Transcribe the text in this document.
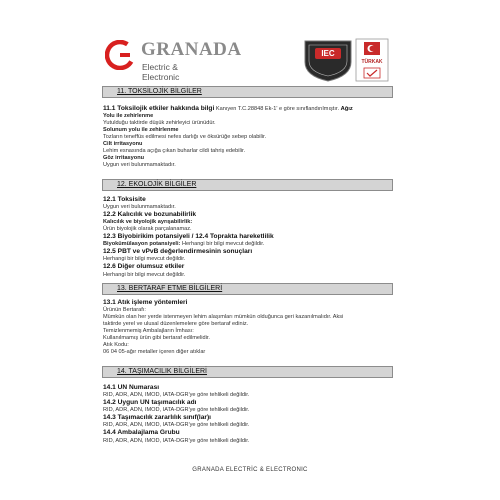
GRANADA
Electric & Electronic
IEC
TÜRKAK
11. TOKSİLOJİK BİLGİLER
11.1 Toksilojik etkiler hakkında bilgi Kanıyen T.C.28848 Ek-1' e göre sınıflandırılmıştır. Ağız
Yolu ile zehirlenme
Yutulduğu taktirde düşük zehirleyici ürünüdür.
Solunum yolu ile zehirlenme
Tozların teneffüs edilmesi nefes darlığı ve öksürüğe sebep olabilir.
Cilt irritasyonu
Lehim esnasında açığa çıkan buharlar cildi tahriş edebilir.
Göz irritasyonu
Uygun veri bulunmamaktadır.
12. EKOLOJİK BİLGİLER
12.1 Toksisite
Uygun veri bulunmamaktadır.
12.2 Kalıcılık ve bozunabilirlik
Kalıcılık ve biyolojik ayrışabilirlik:
Ürün biyolojik olarak parçalanamaz.
12.3 Biyobirikim potansiyeli / 12.4 Toprakta hareketlilik
Biyokümülasyon potansiyeli: Herhangi bir bilgi mevcut değildir.
12.5 PBT ve vPvB değerlendirmesinin sonuçları
Herhangi bir bilgi mevcut değildir.
12.6 Diğer olumsuz etkiler
Herhangi bir bilgi mevcut değildir.
13. BERTARAF ETME BİLGİLERİ
13.1 Atık işleme yöntemleri
Ürünün Bertarafı:
Mümkün olan her yerde istenmeyen lehim alaşımları mümkün olduğunca geri kazanılmalıdır. Aksi
taktirde yerel ve ulusal düzenlemelere göre bertaraf ediniz.
Temizlenmemiş Ambalajların İmhası:
Kullanılmamış ürün gibi bertaraf edilmelidir.
Atık Kodu:
06 04 05-ağır metaller içeren diğer atıklar
14. TAŞIMACILIK BİLGİLERİ
14.1 UN Numarası
RID, ADR, ADN, IMOD, IATA-DGR'ye göre tehlikeli değildir.
14.2 Uygun UN taşımacılık adı
RID, ADR, ADN, IMOD, IATA-DGR'ye göre tehlikeli değildir.
14.3 Taşımacılık zararlılık sınıf(lar)ı
RID, ADR, ADN, IMOD, IATA-DGR'ye göre tehlikeli değildir.
14.4 Ambalajlama Grubu
RID, ADR, ADN, IMOD, IATA-DGR'ye göre tehlikeli değildir.
GRANADA ELECTRİC & ELECTRONIC
